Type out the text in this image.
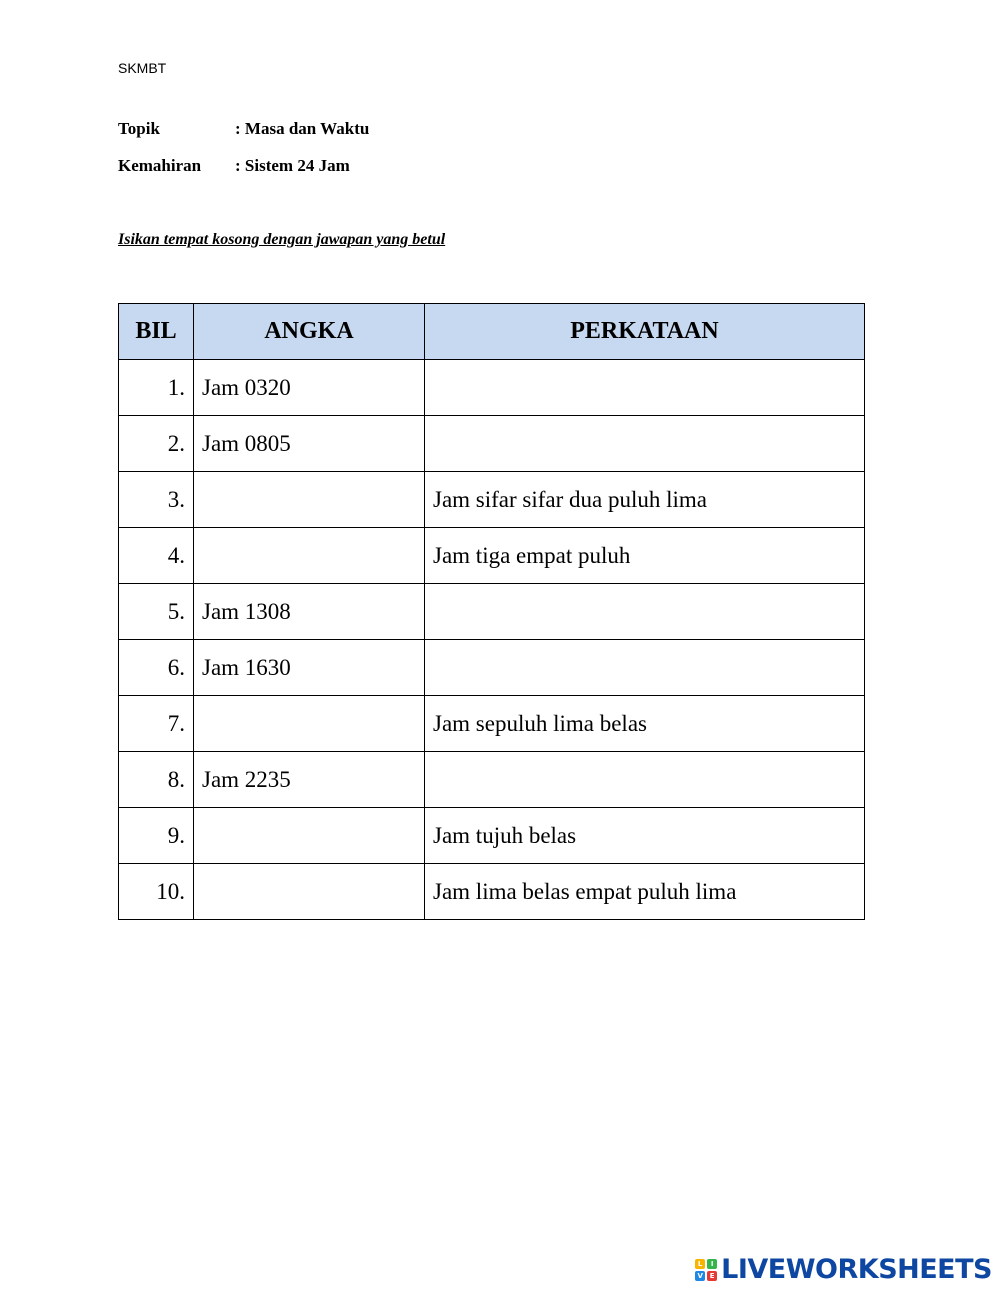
SKMBT
Topik	: Masa dan Waktu
Kemahiran	: Sistem 24 Jam
Isikan tempat kosong dengan jawapan yang betul
BIL	ANGKA	PERKATAAN
1.	Jam 0320	
2.	Jam 0805	
3.		Jam sifar sifar dua puluh lima
4.		Jam tiga empat puluh
5.	Jam 1308	
6.	Jam 1630	
7.		Jam sepuluh lima belas
8.	Jam 2235	
9.		Jam tujuh belas
10.		Jam lima belas empat puluh lima
L	I
V E LIVEWORKSHEETS
